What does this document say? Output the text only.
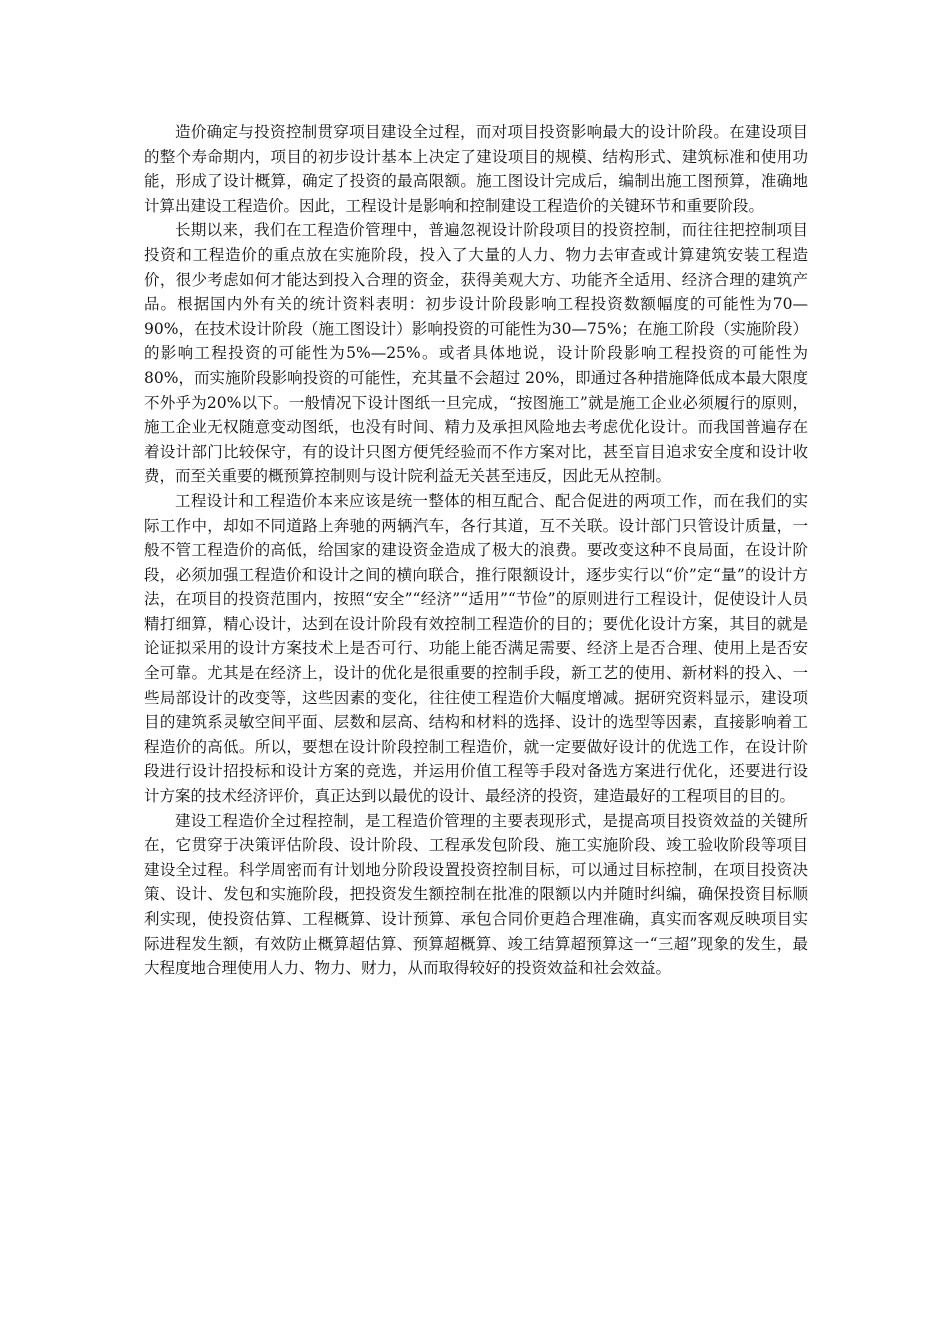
造价确定与投资控制贯穿项目建设全过程，而对项目投资影响最大的设计阶段。在建设项目的整个寿命期内，项目的初步设计基本上决定了建设项目的规模、结构形式、建筑标准和使用功能，形成了设计概算，确定了投资的最高限额。施工图设计完成后，编制出施工图预算，准确地计算出建设工程造价。因此，工程设计是影响和控制建设工程造价的关键环节和重要阶段。

长期以来，我们在工程造价管理中，普遍忽视设计阶段项目的投资控制，而往往把控制项目投资和工程造价的重点放在实施阶段，投入了大量的人力、物力去审查或计算建筑安装工程造价，很少考虑如何才能达到投入合理的资金，获得美观大方、功能齐全适用、经济合理的建筑产品。根据国内外有关的统计资料表明：初步设计阶段影响工程投资数额幅度的可能性为70—90%，在技术设计阶段（施工图设计）影响投资的可能性为30—75%；在施工阶段（实施阶段）的影响工程投资的可能性为5%—25%。或者具体地说，设计阶段影响工程投资的可能性为80%，而实施阶段影响投资的可能性，充其量不会超过 20%，即通过各种措施降低成本最大限度不外乎为20%以下。一般情况下设计图纸一旦完成，“按图施工”就是施工企业必须履行的原则，施工企业无权随意变动图纸，也没有时间、精力及承担风险地去考虑优化设计。而我国普遍存在着设计部门比较保守，有的设计只图方便凭经验而不作方案对比，甚至盲目追求安全度和设计收费，而至关重要的概预算控制则与设计院利益无关甚至违反，因此无从控制。

工程设计和工程造价本来应该是统一整体的相互配合、配合促进的两项工作，而在我们的实际工作中，却如不同道路上奔驰的两辆汽车，各行其道，互不关联。设计部门只管设计质量，一般不管工程造价的高低，给国家的建设资金造成了极大的浪费。要改变这种不良局面，在设计阶段，必须加强工程造价和设计之间的横向联合，推行限额设计，逐步实行以“价”定“量”的设计方法，在项目的投资范围内，按照“安全”“经济”“适用”“节俭”的原则进行工程设计，促使设计人员精打细算，精心设计，达到在设计阶段有效控制工程造价的目的；要优化设计方案，其目的就是论证拟采用的设计方案技术上是否可行、功能上能否满足需要、经济上是否合理、使用上是否安全可靠。尤其是在经济上，设计的优化是很重要的控制手段，新工艺的使用、新材料的投入、一些局部设计的改变等，这些因素的变化，往往使工程造价大幅度增减。据研究资料显示，建设项目的建筑系灵敏空间平面、层数和层高、结构和材料的选择、设计的选型等因素，直接影响着工程造价的高低。所以，要想在设计阶段控制工程造价，就一定要做好设计的优选工作，在设计阶段进行设计招投标和设计方案的竞选，并运用价值工程等手段对备选方案进行优化，还要进行设计方案的技术经济评价，真正达到以最优的设计、最经济的投资，建造最好的工程项目的目的。

建设工程造价全过程控制，是工程造价管理的主要表现形式，是提高项目投资效益的关键所在，它贯穿于决策评估阶段、设计阶段、工程承发包阶段、施工实施阶段、竣工验收阶段等项目建设全过程。科学周密而有计划地分阶段设置投资控制目标，可以通过目标控制，在项目投资决策、设计、发包和实施阶段，把投资发生额控制在批准的限额以内并随时纠编，确保投资目标顺利实现，使投资估算、工程概算、设计预算、承包合同价更趋合理准确，真实而客观反映项目实际进程发生额，有效防止概算超估算、预算超概算、竣工结算超预算这一“三超”现象的发生，最大程度地合理使用人力、物力、财力，从而取得较好的投资效益和社会效益。
